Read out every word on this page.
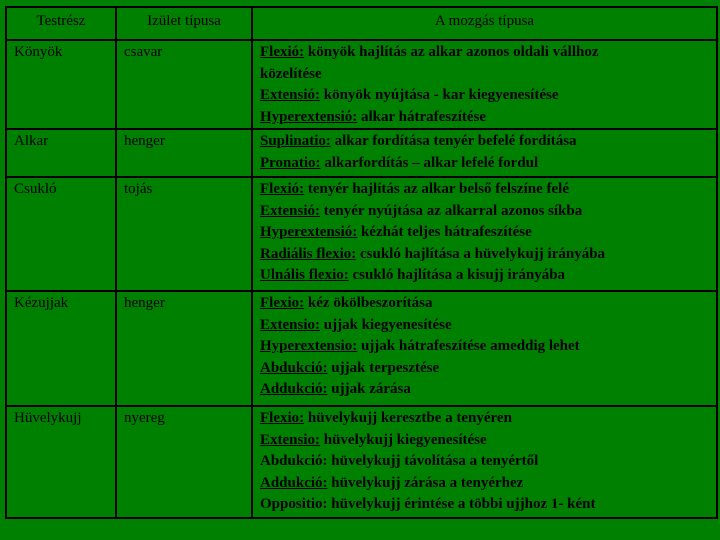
Testrész	Izület típusa	A mozgás típusa
Könyök	csavar	Flexió: könyök hajlítás az alkar azonos oldali vállhoz
közelítése
Extensió: könyök nyújtása - kar kiegyenesítése
Hyperextensió: alkar hátrafeszítése

Alkar	henger	Suplinatio: alkar fordítása tenyér befelé fordítása
Pronatio: alkarfordítás – alkar lefelé fordul

Csukló	tojás	Flexió: tenyér hajlítás az alkar belső felszíne felé
Extensió: tenyér nyújtása az alkarral azonos síkba
Hyperextensió: kézhát teljes hátrafeszítése
Radiális flexio: csukló hajlítása a hüvelykujj irányába
Ulnális flexio: csukló hajlítása a kisujj irányába

Kézujjak	henger	Flexio: kéz ökölbeszorítása
Extensio: ujjak kiegyenesítése
Hyperextensio: ujjak hátrafeszítése ameddig lehet
Abdukció: ujjak terpesztése
Addukció: ujjak zárása

Hüvelykujj	nyereg	Flexio: hüvelykujj keresztbe a tenyéren
Extensio: hüvelykujj kiegyenesítése
Abdukció: hüvelykujj távolítása a tenyértől
Addukció: hüvelykujj zárása a tenyérhez
Oppositio: hüvelykujj érintése a többi ujjhoz 1- ként
